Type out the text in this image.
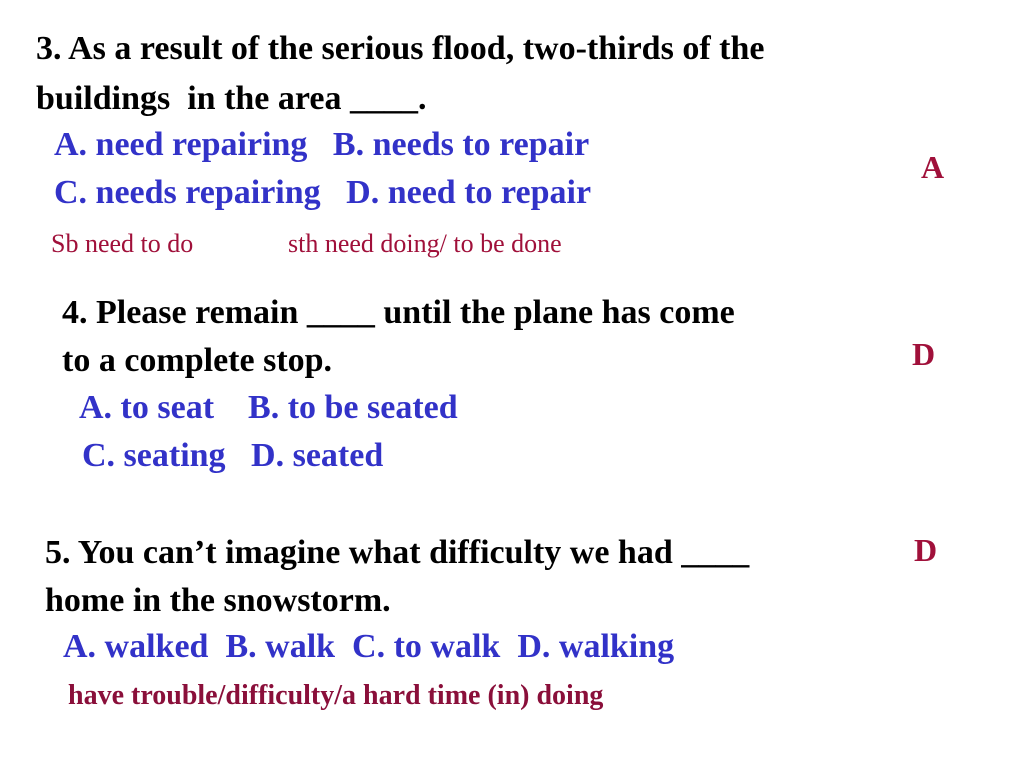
3. As a result of the serious flood, two-thirds of the
buildings  in the area ____.
A. need repairing   B. needs to repair
C. needs repairing   D. need to repair
Sb need to do	sth need doing/ to be done
A
4. Please remain ____ until the plane has come
to a complete stop.
A. to seat    B. to be seated
C. seating   D. seated
D
5. You can’t imagine what difficulty we had ____
home in the snowstorm.
A. walked  B. walk  C. to walk  D. walking
have trouble/difficulty/a hard time (in) doing
D
